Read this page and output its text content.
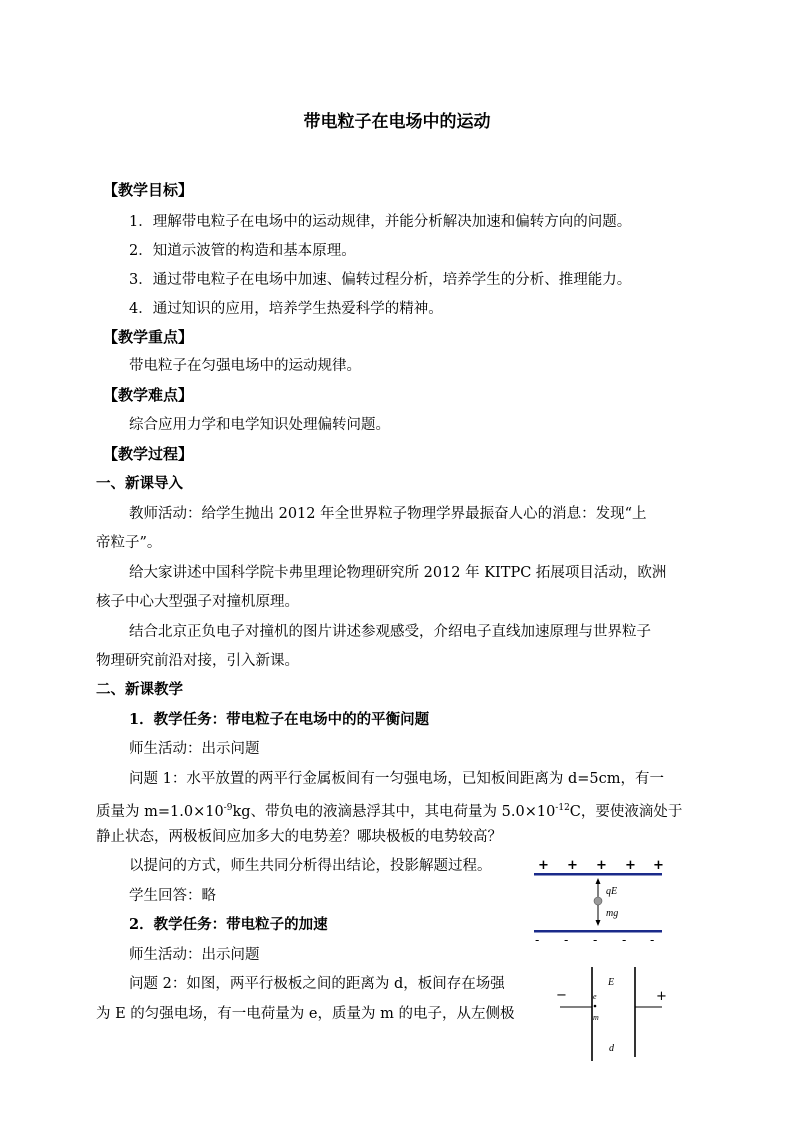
带电粒子在电场中的运动
【教学目标】
1．理解带电粒子在电场中的运动规律，并能分析解决加速和偏转方向的问题。
2．知道示波管的构造和基本原理。
3．通过带电粒子在电场中加速、偏转过程分析，培养学生的分析、推理能力。
4．通过知识的应用，培养学生热爱科学的精神。
【教学重点】
带电粒子在匀强电场中的运动规律。
【教学难点】
综合应用力学和电学知识处理偏转问题。
【教学过程】
一、新课导入
教师活动：给学生抛出 2012 年全世界粒子物理学界最振奋人心的消息：发现“上
帝粒子”。
给大家讲述中国科学院卡弗里理论物理研究所 2012 年 KITPC 拓展项目活动，欧洲
核子中心大型强子对撞机原理。
结合北京正负电子对撞机的图片讲述参观感受，介绍电子直线加速原理与世界粒子
物理研究前沿对接，引入新课。
二、新课教学
1．教学任务：带电粒子在电场中的的平衡问题
师生活动：出示问题
问题 1：水平放置的两平行金属板间有一匀强电场，已知板间距离为 d=5cm，有一
质量为 $m=1.0\times 10^{-9}kg$、带负电的液滴悬浮其中，其电荷量为 $5.0\times 10^{-12}C$，要使液滴处于
静止状态，两极板间应加多大的电势差？哪块极板的电势较高？
以提问的方式，师生共同分析得出结论，投影解题过程。
学生回答：略
2．教学任务：带电粒子的加速
师生活动：出示问题
问题 2：如图，两平行极板之间的距离为 d，板间存在场强
为 E 的匀强电场，有一电荷量为 e，质量为 m 的电子，从左侧极
+ + + + +
qE
mg
- - - - -
−	+
E
e
m
d
